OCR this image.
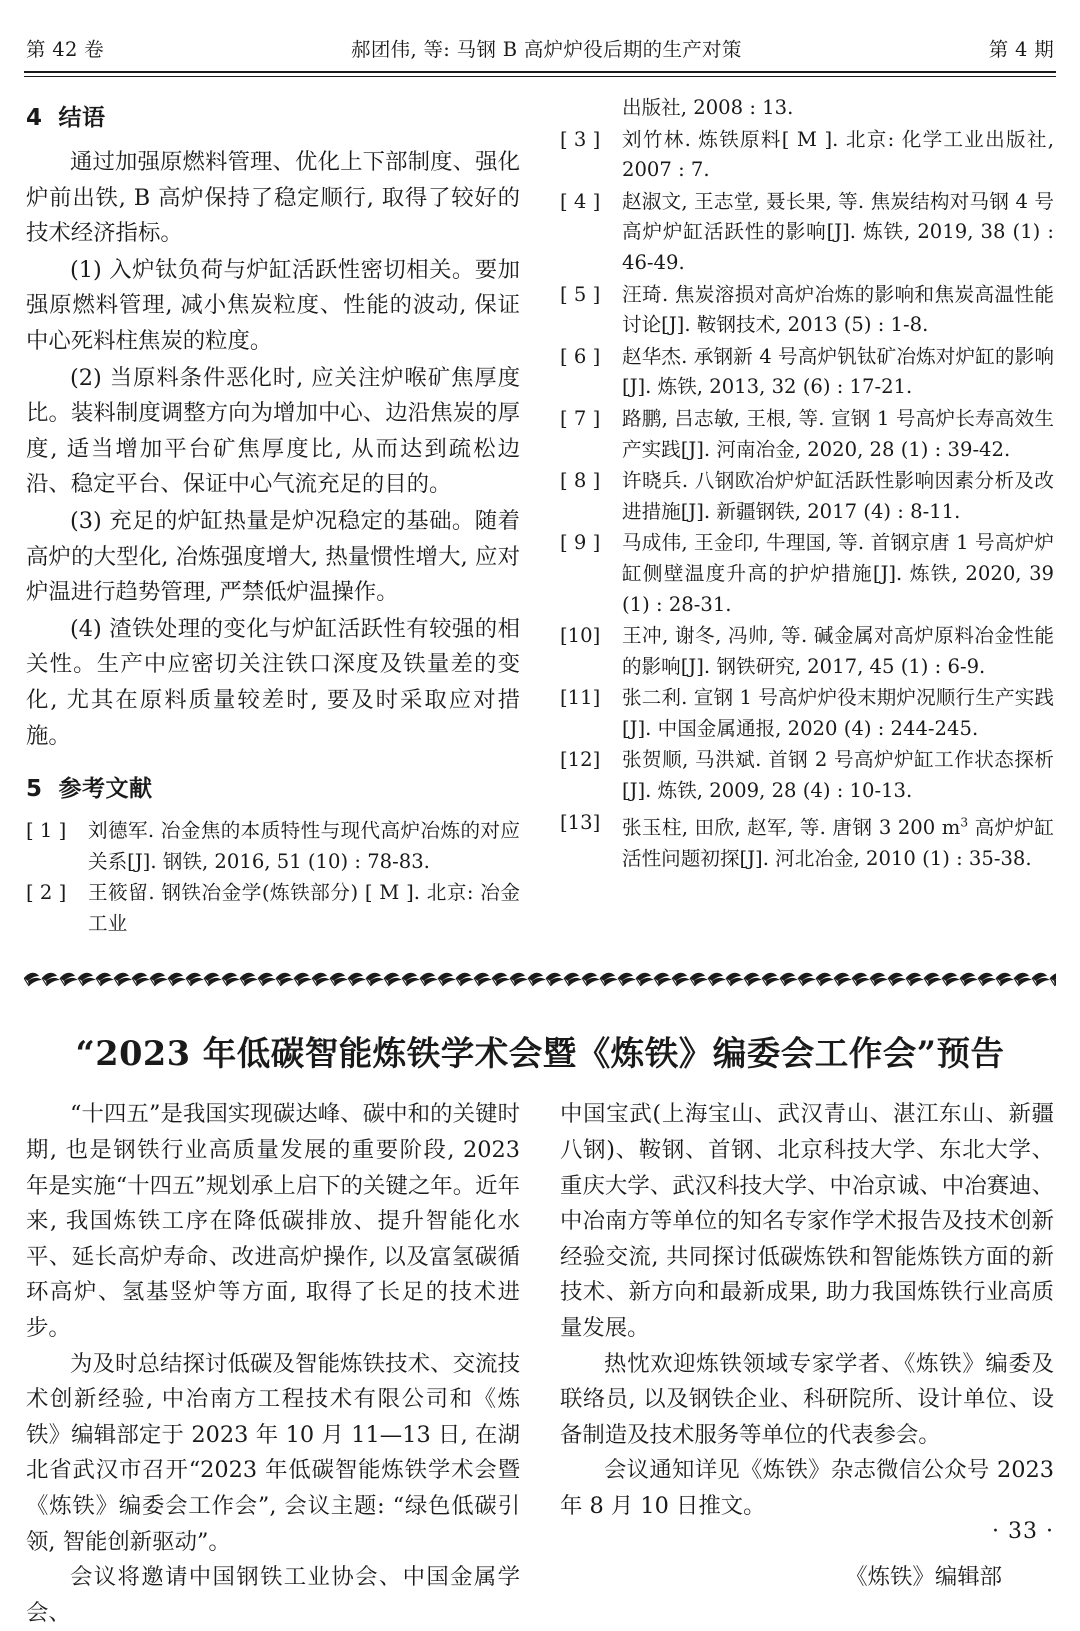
第 42 卷	郝团伟, 等: 马钢 B 高炉炉役后期的生产对策	第 4 期
4 结语

通过加强原燃料管理、优化上下部制度、强化炉前出铁, B 高炉保持了稳定顺行, 取得了较好的技术经济指标。

(1) 入炉钛负荷与炉缸活跃性密切相关。要加强原燃料管理, 减小焦炭粒度、性能的波动, 保证中心死料柱焦炭的粒度。

(2) 当原料条件恶化时, 应关注炉喉矿焦厚度比。装料制度调整方向为增加中心、边沿焦炭的厚度, 适当增加平台矿焦厚度比, 从而达到疏松边沿、稳定平台、保证中心气流充足的目的。

(3) 充足的炉缸热量是炉况稳定的基础。随着高炉的大型化, 冶炼强度增大, 热量惯性增大, 应对炉温进行趋势管理, 严禁低炉温操作。

(4) 渣铁处理的变化与炉缸活跃性有较强的相关性。生产中应密切关注铁口深度及铁量差的变化, 尤其在原料质量较差时, 要及时采取应对措施。

5 参考文献
[ 1 ]	刘德军. 冶金焦的本质特性与现代高炉冶炼的对应关系[J]. 钢铁, 2016, 51 (10) : 78-83.
[ 2 ]	王筱留. 钢铁冶金学(炼铁部分) [ M ]. 北京: 冶金工业
出版社, 2008 : 13.
[ 3 ]	刘竹林. 炼铁原料[ M ]. 北京: 化学工业出版社, 2007 : 7.
[ 4 ]	赵淑文, 王志堂, 聂长果, 等. 焦炭结构对马钢 4 号高炉炉缸活跃性的影响[J]. 炼铁, 2019, 38 (1) : 46-49.
[ 5 ]	汪琦. 焦炭溶损对高炉冶炼的影响和焦炭高温性能讨论[J]. 鞍钢技术, 2013 (5) : 1-8.
[ 6 ]	赵华杰. 承钢新 4 号高炉钒钛矿冶炼对炉缸的影响[J]. 炼铁, 2013, 32 (6) : 17-21.
[ 7 ]	路鹏, 吕志敏, 王根, 等. 宣钢 1 号高炉长寿高效生产实践[J]. 河南冶金, 2020, 28 (1) : 39-42.
[ 8 ]	许晓兵. 八钢欧冶炉炉缸活跃性影响因素分析及改进措施[J]. 新疆钢铁, 2017 (4) : 8-11.
[ 9 ]	马成伟, 王金印, 牛理国, 等. 首钢京唐 1 号高炉炉缸侧壁温度升高的护炉措施[J]. 炼铁, 2020, 39 (1) : 28-31.
[10]	王冲, 谢冬, 冯帅, 等. 碱金属对高炉原料冶金性能的影响[J]. 钢铁研究, 2017, 45 (1) : 6-9.
[11]	张二利. 宣钢 1 号高炉炉役末期炉况顺行生产实践[J]. 中国金属通报, 2020 (4) : 244-245.
[12]	张贺顺, 马洪斌. 首钢 2 号高炉炉缸工作状态探析[J]. 炼铁, 2009, 28 (4) : 10-13.
[13]	张玉柱, 田欣, 赵军, 等. 唐钢 3 200 $m^3$ 高炉炉缸活性问题初探[J]. 河北冶金, 2010 (1) : 35-38.
“2023 年低碳智能炼铁学术会暨《炼铁》编委会工作会”预告

“十四五”是我国实现碳达峰、碳中和的关键时期, 也是钢铁行业高质量发展的重要阶段, 2023 年是实施“十四五”规划承上启下的关键之年。近年来, 我国炼铁工序在降低碳排放、提升智能化水平、延长高炉寿命、改进高炉操作, 以及富氢碳循环高炉、氢基竖炉等方面, 取得了长足的技术进步。

为及时总结探讨低碳及智能炼铁技术、交流技术创新经验, 中冶南方工程技术有限公司和《炼铁》编辑部定于 2023 年 10 月 11—13 日, 在湖北省武汉市召开“2023 年低碳智能炼铁学术会暨《炼铁》编委会工作会”, 会议主题: “绿色低碳引领, 智能创新驱动”。

会议将邀请中国钢铁工业协会、中国金属学会、

中国宝武(上海宝山、武汉青山、湛江东山、新疆八钢)、鞍钢、首钢、北京科技大学、东北大学、重庆大学、武汉科技大学、中冶京诚、中冶赛迪、中冶南方等单位的知名专家作学术报告及技术创新经验交流, 共同探讨低碳炼铁和智能炼铁方面的新技术、新方向和最新成果, 助力我国炼铁行业高质量发展。

热忱欢迎炼铁领域专家学者、《炼铁》编委及联络员, 以及钢铁企业、科研院所、设计单位、设备制造及技术服务等单位的代表参会。

会议通知详见《炼铁》杂志微信公众号 2023 年 8 月 10 日推文。

《炼铁》编辑部

· 33 ·
